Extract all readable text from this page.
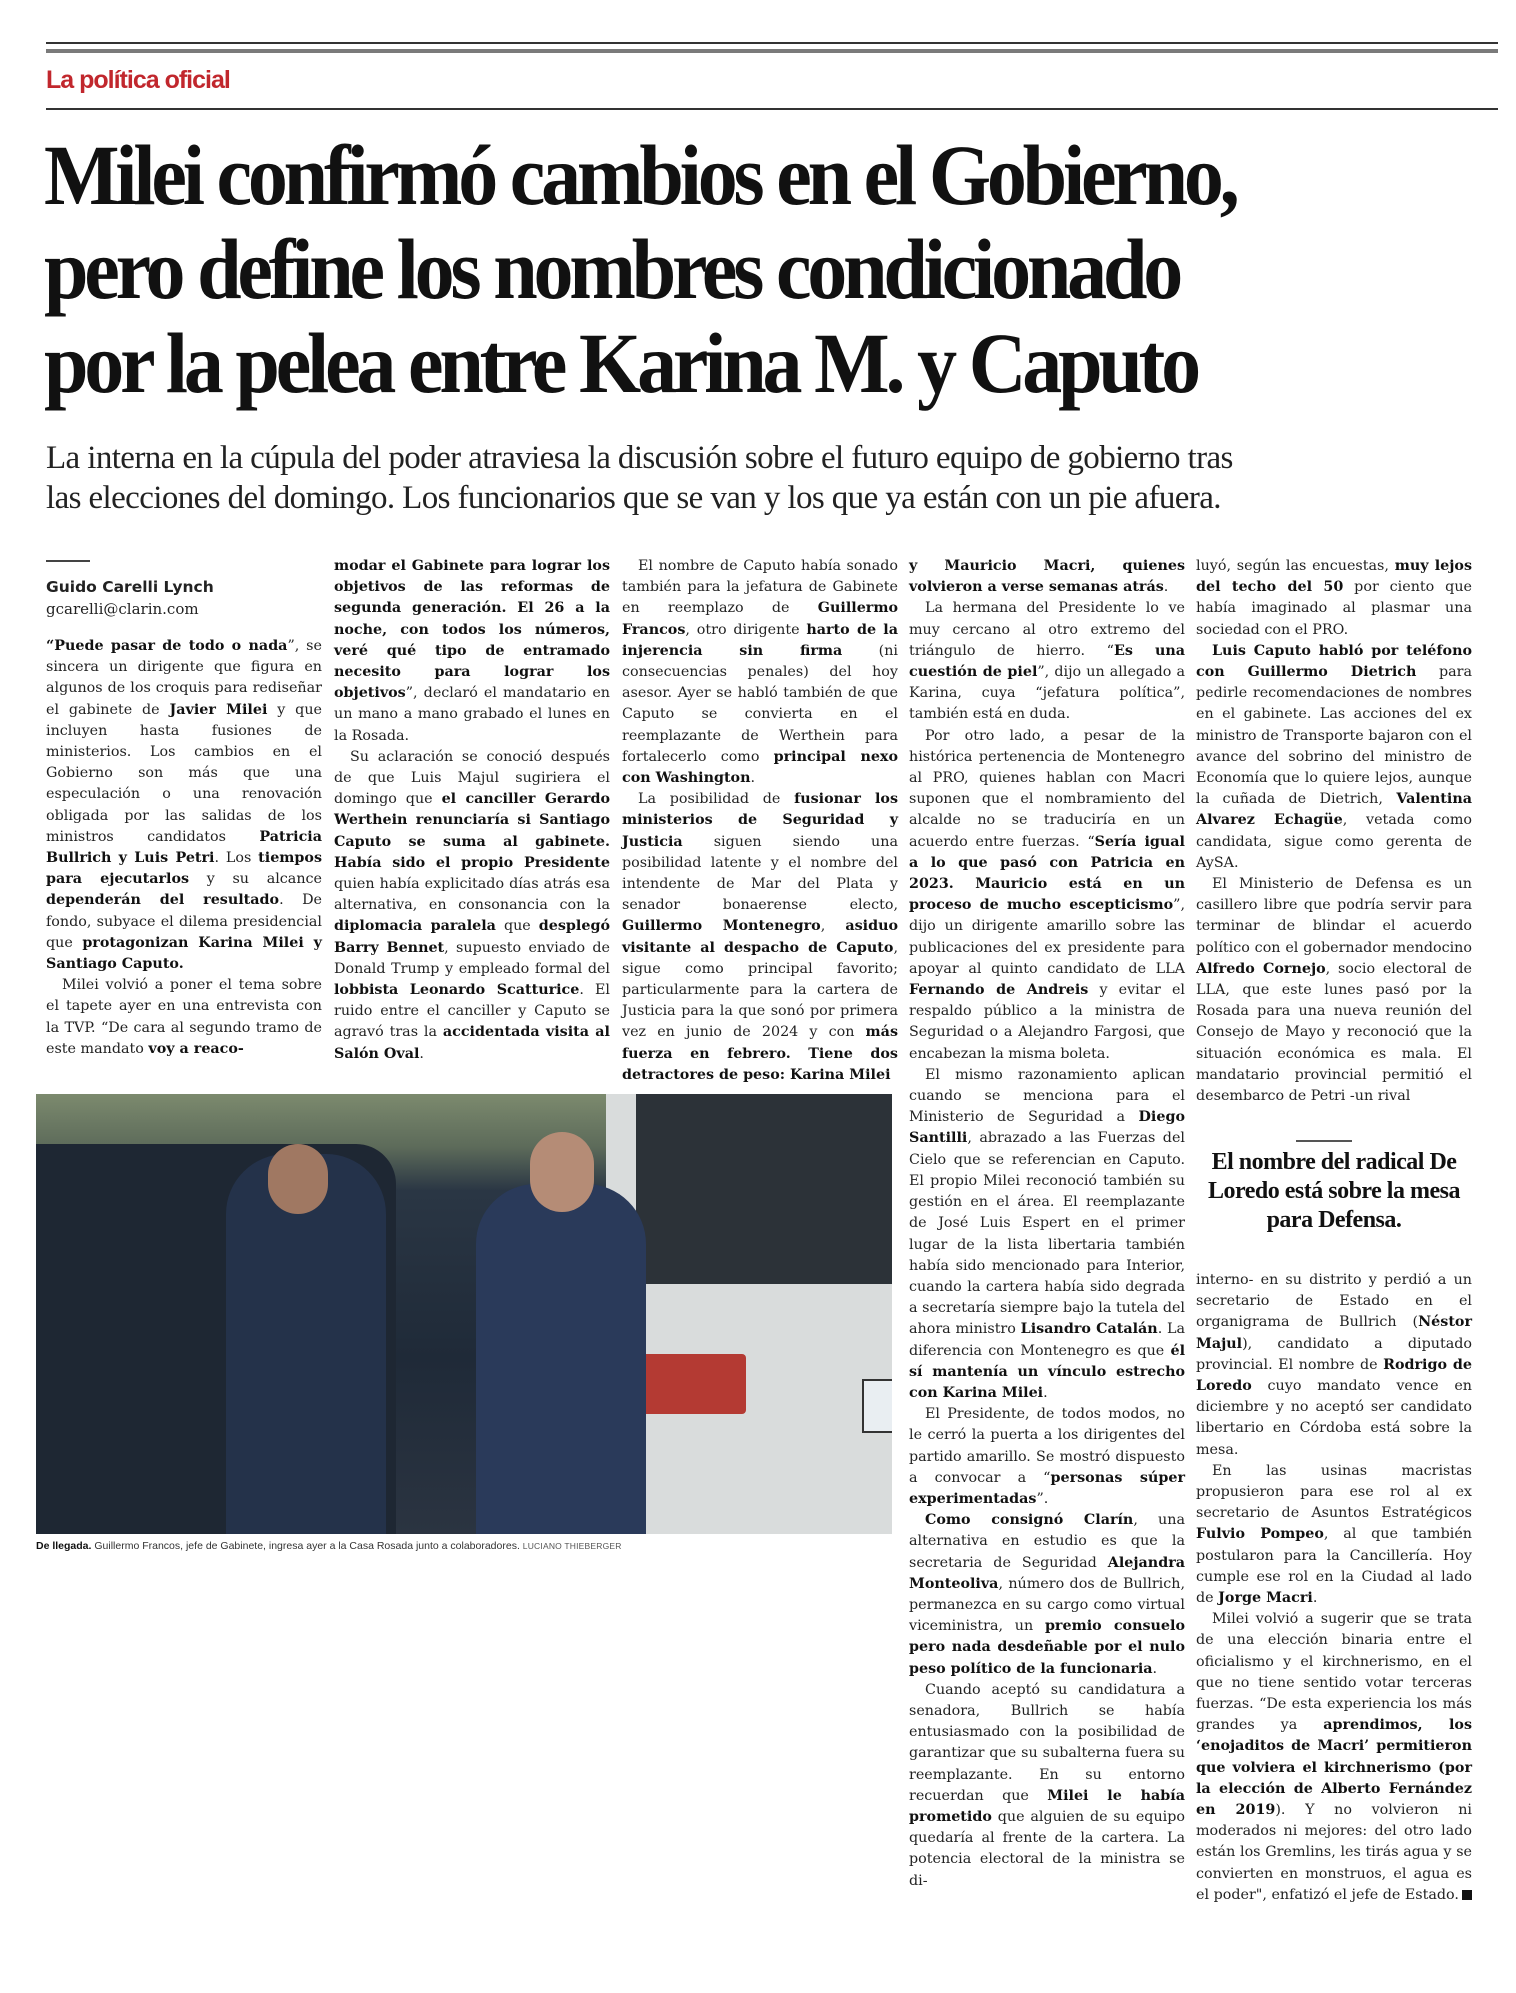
La política oficial
Milei confirmó cambios en el Gobierno,
pero define los nombres condicionado
por la pelea entre Karina M. y Caputo
La interna en la cúpula del poder atraviesa la discusión sobre el futuro equipo de gobierno tras
las elecciones del domingo. Los funcionarios que se van y los que ya están con un pie afuera.
Guido Carelli Lynch
gcarelli@clarin.com

“Puede pasar de todo o nada”, se sincera un dirigente que figura en algunos de los croquis para rediseñar el gabinete de Javier Milei y que incluyen hasta fusiones de ministerios. Los cambios en el Gobierno son más que una especulación o una renovación obligada por las salidas de los ministros candidatos Patricia Bullrich y Luis Petri. Los tiempos para ejecutarlos y su alcance dependerán del resultado. De fondo, subyace el dilema presidencial que protagonizan Karina Milei y Santiago Caputo.

Milei volvió a poner el tema sobre el tapete ayer en una entrevista con la TVP. “De cara al segundo tramo de este mandato voy a reaco-

modar el Gabinete para lograr los objetivos de las reformas de segunda generación. El 26 a la noche, con todos los números, veré qué tipo de entramado necesito para lograr los objetivos”, declaró el mandatario en un mano a mano grabado el lunes en la Rosada.

Su aclaración se conoció después de que Luis Majul sugiriera el domingo que el canciller Gerardo Werthein renunciaría si Santiago Caputo se suma al gabinete. Había sido el propio Presidente quien había explicitado días atrás esa alternativa, en consonancia con la diplomacia paralela que desplegó Barry Bennet, supuesto enviado de Donald Trump y empleado formal del lobbista Leonardo Scatturice. El ruido entre el canciller y Caputo se agravó tras la accidentada visita al Salón Oval.

El nombre de Caputo había sonado también para la jefatura de Gabinete en reemplazo de Guillermo Francos, otro dirigente harto de la injerencia sin firma (ni consecuencias penales) del hoy asesor. Ayer se habló también de que Caputo se convierta en el reemplazante de Werthein para fortalecerlo como principal nexo con Washington.

La posibilidad de fusionar los ministerios de Seguridad y Justicia siguen siendo una posibilidad latente y el nombre del intendente de Mar del Plata y senador bonaerense electo, Guillermo Montenegro, asiduo visitante al despacho de Caputo, sigue como principal favorito; particularmente para la cartera de Justicia para la que sonó por primera vez en junio de 2024 y con más fuerza en febrero. Tiene dos detractores de peso: Karina Milei

y Mauricio Macri, quienes volvieron a verse semanas atrás.

La hermana del Presidente lo ve muy cercano al otro extremo del triángulo de hierro. “Es una cuestión de piel”, dijo un allegado a Karina, cuya “jefatura política”, también está en duda.

Por otro lado, a pesar de la histórica pertenencia de Montenegro al PRO, quienes hablan con Macri suponen que el nombramiento del alcalde no se traduciría en un acuerdo entre fuerzas. “Sería igual a lo que pasó con Patricia en 2023. Mauricio está en un proceso de mucho escepticismo”, dijo un dirigente amarillo sobre las publicaciones del ex presidente para apoyar al quinto candidato de LLA Fernando de Andreis y evitar el respaldo público a la ministra de Seguridad o a Alejandro Fargosi, que encabezan la misma boleta.

El mismo razonamiento aplican cuando se menciona para el Ministerio de Seguridad a Diego Santilli, abrazado a las Fuerzas del Cielo que se referencian en Caputo. El propio Milei reconoció también su gestión en el área. El reemplazante de José Luis Espert en el primer lugar de la lista libertaria también había sido mencionado para Interior, cuando la cartera había sido degrada a secretaría siempre bajo la tutela del ahora ministro Lisandro Catalán. La diferencia con Montenegro es que él sí mantenía un vínculo estrecho con Karina Milei.

El Presidente, de todos modos, no le cerró la puerta a los dirigentes del partido amarillo. Se mostró dispuesto a convocar a “personas súper experimentadas”.

Como consignó Clarín, una alternativa en estudio es que la secretaria de Seguridad Alejandra Monteoliva, número dos de Bullrich, permanezca en su cargo como virtual viceministra, un premio consuelo pero nada desdeñable por el nulo peso político de la funcionaria.

Cuando aceptó su candidatura a senadora, Bullrich se había entusiasmado con la posibilidad de garantizar que su subalterna fuera su reemplazante. En su entorno recuerdan que Milei le había prometido que alguien de su equipo quedaría al frente de la cartera. La potencia electoral de la ministra se di-

luyó, según las encuestas, muy lejos del techo del 50 por ciento que había imaginado al plasmar una sociedad con el PRO.

Luis Caputo habló por teléfono con Guillermo Dietrich para pedirle recomendaciones de nombres en el gabinete. Las acciones del ex ministro de Transporte bajaron con el avance del sobrino del ministro de Economía que lo quiere lejos, aunque la cuñada de Dietrich, Valentina Alvarez Echagüe, vetada como candidata, sigue como gerenta de AySA.

El Ministerio de Defensa es un casillero libre que podría servir para terminar de blindar el acuerdo político con el gobernador mendocino Alfredo Cornejo, socio electoral de LLA, que este lunes pasó por la Rosada para una nueva reunión del Consejo de Mayo y reconoció que la situación económica es mala. El mandatario provincial permitió el desembarco de Petri -un rival

El nombre del radical De Loredo está sobre la mesa para Defensa.

interno- en su distrito y perdió a un secretario de Estado en el organigrama de Bullrich (Néstor Majul), candidato a diputado provincial. El nombre de Rodrigo de Loredo cuyo mandato vence en diciembre y no aceptó ser candidato libertario en Córdoba está sobre la mesa.

En las usinas macristas propusieron para ese rol al ex secretario de Asuntos Estratégicos Fulvio Pompeo, al que también postularon para la Cancillería. Hoy cumple ese rol en la Ciudad al lado de Jorge Macri.

Milei volvió a sugerir que se trata de una elección binaria entre el oficialismo y el kirchnerismo, en el que no tiene sentido votar terceras fuerzas. “De esta experiencia los más grandes ya aprendimos, los ‘enojaditos de Macri’ permitieron que volviera el kirchnerismo (por la elección de Alberto Fernández en 2019). Y no volvieron ni moderados ni mejores: del otro lado están los Gremlins, les tirás agua y se convierten en monstruos, el agua es el poder", enfatizó el jefe de Estado.

De llegada. Guillermo Francos, jefe de Gabinete, ingresa ayer a la Casa Rosada junto a colaboradores. LUCIANO THIEBERGER
